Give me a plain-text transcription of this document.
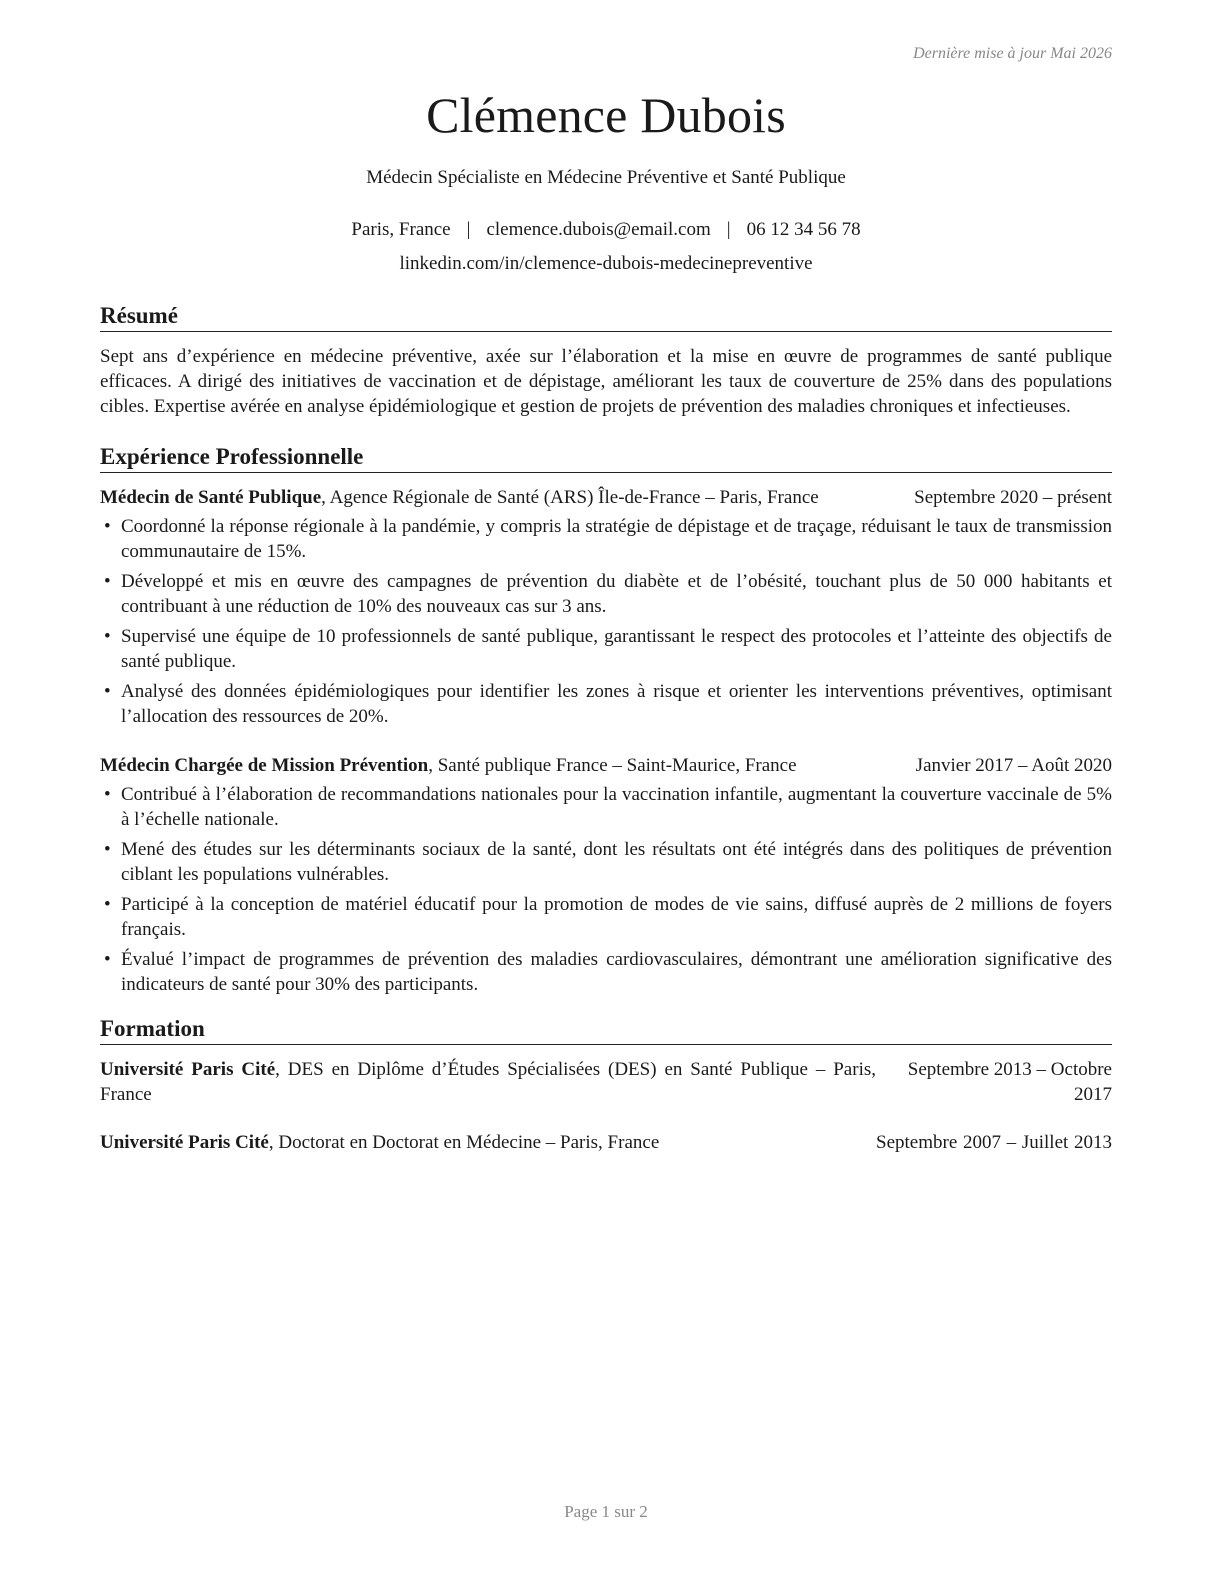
Dernière mise à jour Mai 2026
Clémence Dubois
Médecin Spécialiste en Médecine Préventive et Santé Publique
Paris, France | clemence.dubois@email.com | 06 12 34 56 78
linkedin.com/in/clemence-dubois-medecinepreventive
Résumé
Sept ans d’expérience en médecine préventive, axée sur l’élaboration et la mise en œuvre de programmes de santé publique efficaces. A dirigé des initiatives de vaccination et de dépistage, améliorant les taux de couverture de 25% dans des populations cibles. Expertise avérée en analyse épidémiologique et gestion de projets de prévention des maladies chroniques et infectieuses.
Expérience Professionnelle
Médecin de Santé Publique, Agence Régionale de Santé (ARS) Île-de-France – Paris, France	Septembre 2020 – présent
• Coordonné la réponse régionale à la pandémie, y compris la stratégie de dépistage et de traçage, réduisant le taux de transmission communautaire de 15%.
• Développé et mis en œuvre des campagnes de prévention du diabète et de l’obésité, touchant plus de 50 000 habitants et contribuant à une réduction de 10% des nouveaux cas sur 3 ans.
• Supervisé une équipe de 10 professionnels de santé publique, garantissant le respect des protocoles et l’atteinte des objectifs de santé publique.
• Analysé des données épidémiologiques pour identifier les zones à risque et orienter les interventions préventives, optimisant l’allocation des ressources de 20%.
Médecin Chargée de Mission Prévention, Santé publique France – Saint-Maurice, France	Janvier 2017 – Août 2020
• Contribué à l’élaboration de recommandations nationales pour la vaccination infantile, augmentant la couverture vaccinale de 5% à l’échelle nationale.
• Mené des études sur les déterminants sociaux de la santé, dont les résultats ont été intégrés dans des politiques de prévention ciblant les populations vulnérables.
• Participé à la conception de matériel éducatif pour la promotion de modes de vie sains, diffusé auprès de 2 millions de foyers français.
• Évalué l’impact de programmes de prévention des maladies cardiovasculaires, démontrant une amélioration significative des indicateurs de santé pour 30% des participants.
Formation
Université Paris Cité, DES en Diplôme d’Études Spécialisées (DES) en Santé Publique – Paris, France
Septembre 2013 – Octobre 2017
Université Paris Cité, Doctorat en Doctorat en Médecine – Paris, France	Septembre 2007 – Juillet 2013
Page 1 sur 2
